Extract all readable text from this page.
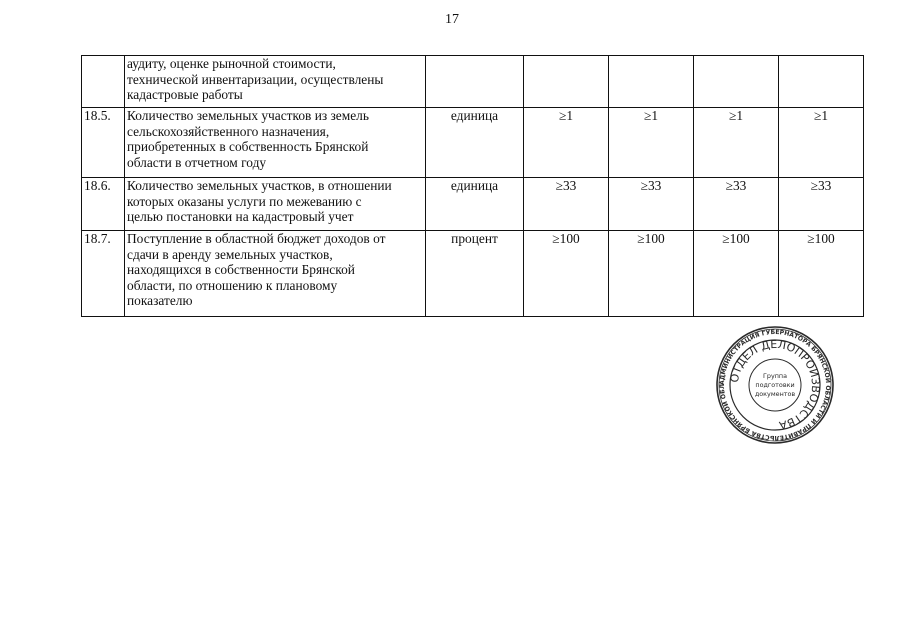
17

	аудиту, оценке рыночной стоимости,
технической инвентаризации, осуществлены
кадастровые работы					

18.5.	Количество земельных участков из земель
сельскохозяйственного назначения,
приобретенных в собственность Брянской
области в отчетном году	единица	≥1	≥1	≥1	≥1
18.6.	Количество земельных участков, в отношении
которых оказаны услуги по межеванию с
целью постановки на кадастровый учет	единица	≥33	≥33	≥33	≥33
18.7.	Поступление в областной бюджет доходов от
сдачи в аренду земельных участков,
находящихся в собственности Брянской
области, по отношению к плановому
показателю	процент	≥100	≥100	≥100	≥100
АДМИНИСТРАЦИЯ ГУБЕРНАТОРА БРЯНСКОЙ ОБЛАСТИ И ПРАВИТЕЛЬСТВА БРЯНСКОЙ ОБЛ
ОТДЕЛ ДЕЛОПРОИЗВОДСТВА
Группа
подготовки
документов
